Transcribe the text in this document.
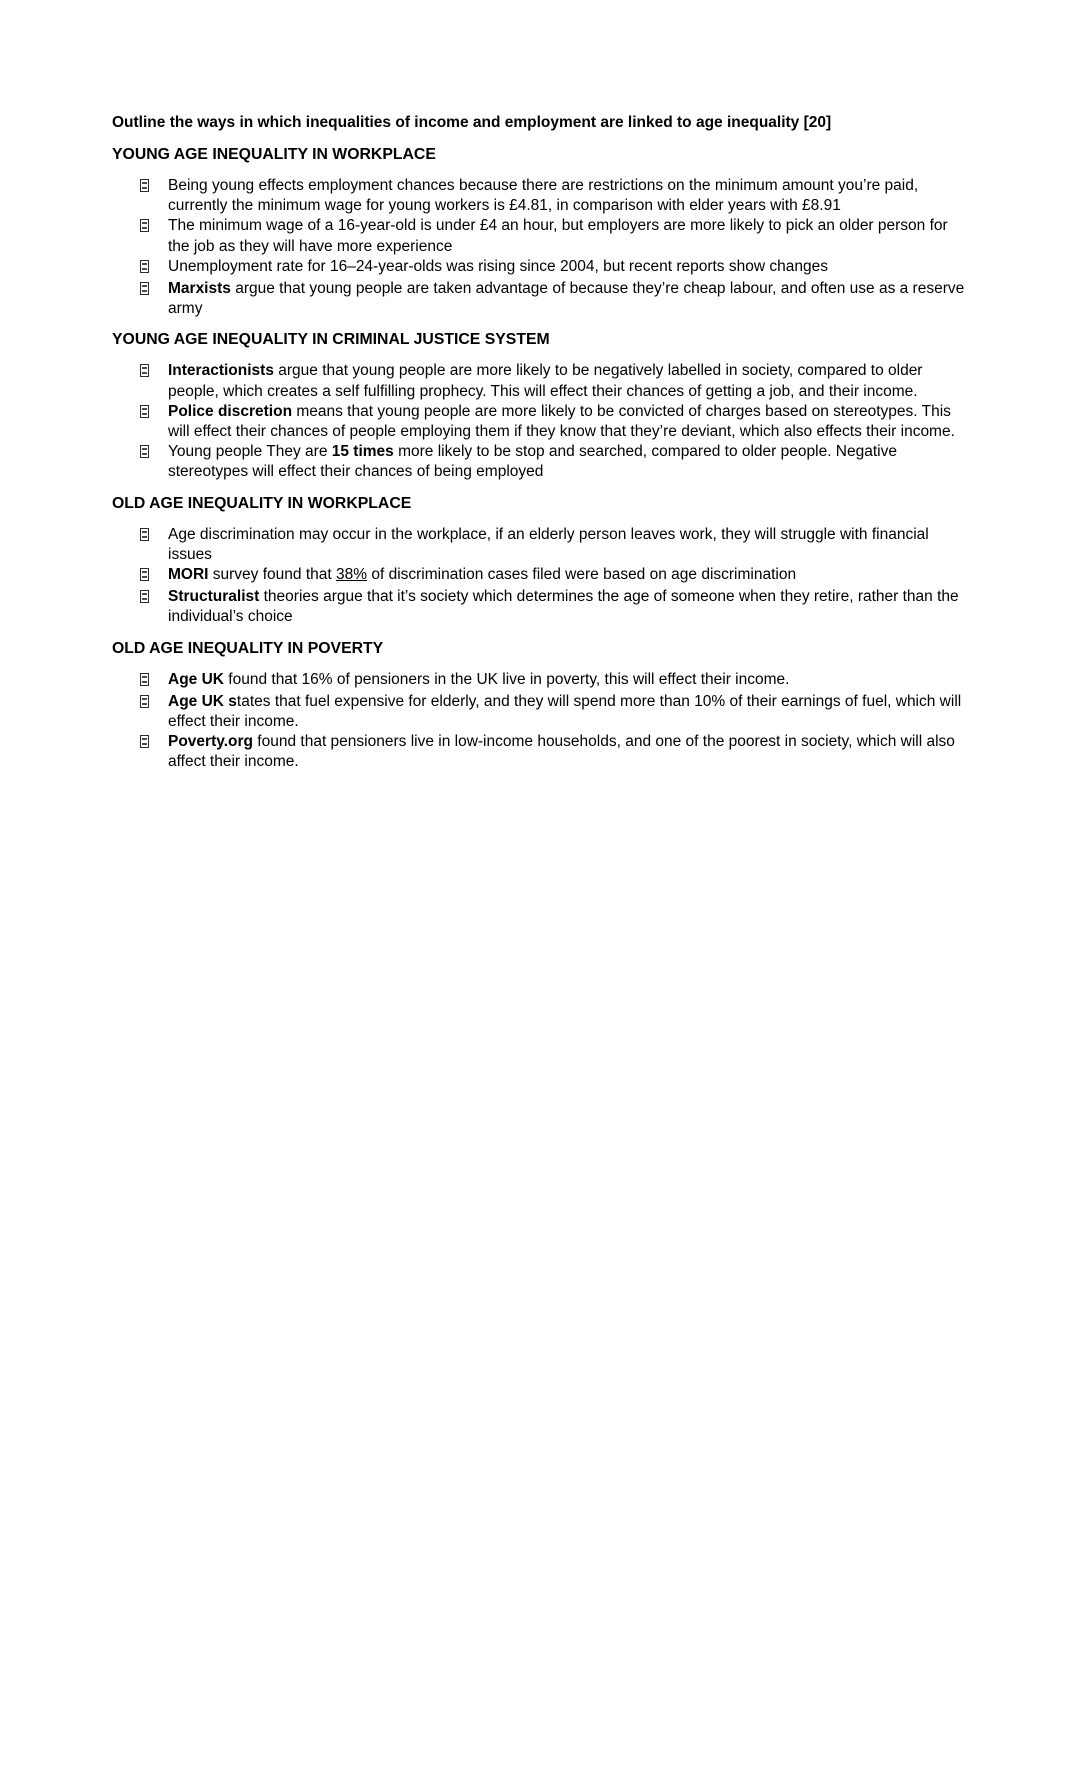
Outline the ways in which inequalities of income and employment are linked to age inequality [20]
YOUNG AGE INEQUALITY IN WORKPLACE
Being young effects employment chances because there are restrictions on the minimum amount you’re paid, currently the minimum wage for young workers is £4.81, in comparison with elder years with £8.91
The minimum wage of a 16-year-old is under £4 an hour, but employers are more likely to pick an older person for the job as they will have more experience
Unemployment rate for 16–24-year-olds was rising since 2004, but recent reports show changes
Marxists argue that young people are taken advantage of because they’re cheap labour, and often use as a reserve army
YOUNG AGE INEQUALITY IN CRIMINAL JUSTICE SYSTEM
Interactionists argue that young people are more likely to be negatively labelled in society, compared to older people, which creates a self fulfilling prophecy. This will effect their chances of getting a job, and their income.
Police discretion means that young people are more likely to be convicted of charges based on stereotypes. This will effect their chances of people employing them if they know that they’re deviant, which also effects their income.
Young people They are 15 times more likely to be stop and searched, compared to older people. Negative stereotypes will effect their chances of being employed
OLD AGE INEQUALITY IN WORKPLACE
Age discrimination may occur in the workplace, if an elderly person leaves work, they will struggle with financial issues
MORI survey found that 38% of discrimination cases filed were based on age discrimination
Structuralist theories argue that it’s society which determines the age of someone when they retire, rather than the individual’s choice
OLD AGE INEQUALITY IN POVERTY
Age UK found that 16% of pensioners in the UK live in poverty, this will effect their income.
Age UK states that fuel expensive for elderly, and they will spend more than 10% of their earnings of fuel, which will effect their income.
Poverty.org found that pensioners live in low-income households, and one of the poorest in society, which will also affect their income.
